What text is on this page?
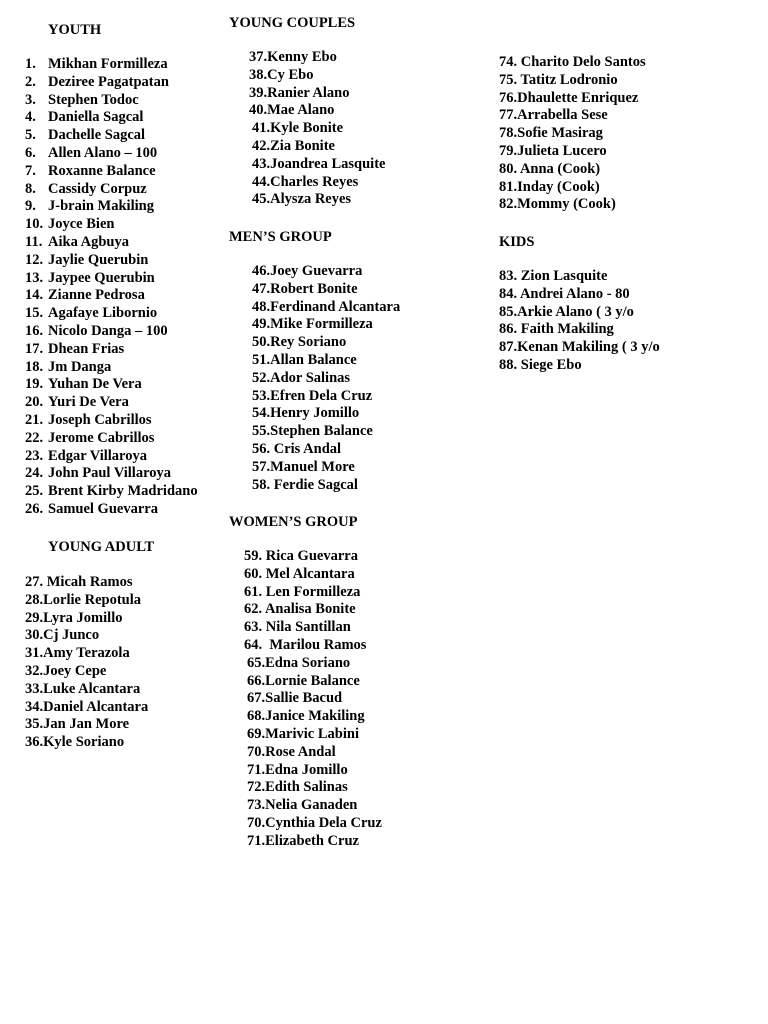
YOUTH
1. Mikhan Formilleza
2. Deziree Pagatpatan
3. Stephen Todoc
4. Daniella Sagcal
5. Dachelle Sagcal
6. Allen Alano – 100
7. Roxanne Balance
8. Cassidy Corpuz
9. J-brain Makiling
10. Joyce Bien
11. Aika Agbuya
12. Jaylie Querubin
13. Jaypee Querubin
14. Zianne Pedrosa
15. Agafaye Libornio
16. Nicolo Danga – 100
17. Dhean Frias
18. Jm Danga
19. Yuhan De Vera
20. Yuri De Vera
21. Joseph Cabrillos
22. Jerome Cabrillos
23. Edgar Villaroya
24. John Paul Villaroya
25. Brent Kirby Madridano
26. Samuel Guevarra
YOUNG ADULT
27. Micah Ramos
28.Lorlie Repotula
29.Lyra Jomillo
30.Cj Junco
31.Amy Terazola
32.Joey Cepe
33.Luke Alcantara
34.Daniel Alcantara
35.Jan Jan More
36.Kyle Soriano
YOUNG COUPLES
37.Kenny Ebo
38.Cy Ebo
39.Ranier Alano
40.Mae Alano
41.Kyle Bonite
42.Zia Bonite
43.Joandrea Lasquite
44.Charles Reyes
45.Alysza Reyes
MEN’S GROUP
46.Joey Guevarra
47.Robert Bonite
48.Ferdinand Alcantara
49.Mike Formilleza
50.Rey Soriano
51.Allan Balance
52.Ador Salinas
53.Efren Dela Cruz
54.Henry Jomillo
55.Stephen Balance
56. Cris Andal
57.Manuel More
58. Ferdie Sagcal
WOMEN’S GROUP
59. Rica Guevarra
60. Mel Alcantara
61. Len Formilleza
62. Analisa Bonite
63. Nila Santillan
64.  Marilou Ramos
65.Edna Soriano
66.Lornie Balance
67.Sallie Bacud
68.Janice Makiling
69.Marivic Labini
70.Rose Andal
71.Edna Jomillo
72.Edith Salinas
73.Nelia Ganaden
70.Cynthia Dela Cruz
71.Elizabeth Cruz
74. Charito Delo Santos
75. Tatitz Lodronio
76.Dhaulette Enriquez
77.Arrabella Sese
78.Sofie Masirag
79.Julieta Lucero
80. Anna (Cook)
81.Inday (Cook)
82.Mommy (Cook)
KIDS
83. Zion Lasquite
84. Andrei Alano - 80
85.Arkie Alano ( 3 y/o
86. Faith Makiling
87.Kenan Makiling ( 3 y/o
88. Siege Ebo
